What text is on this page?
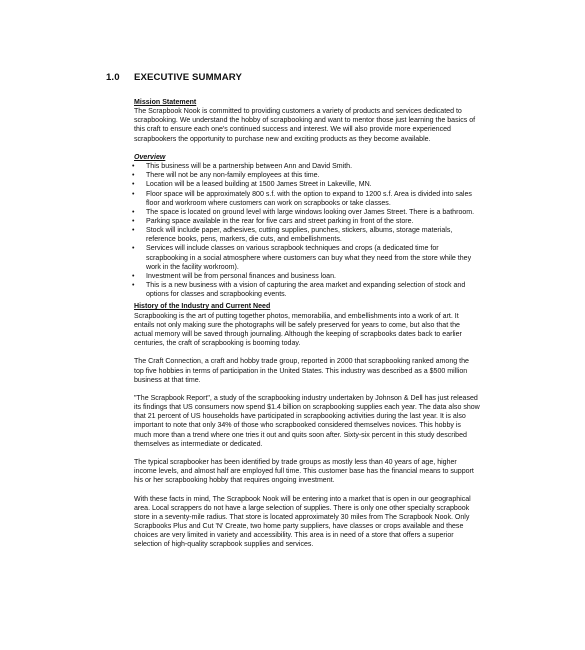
1.0 EXECUTIVE SUMMARY

Mission Statement

The Scrapbook Nook is committed to providing customers a variety of products and services dedicated to scrapbooking. We understand the hobby of scrapbooking and want to mentor those just learning the basics of this craft to ensure each one's continued success and interest. We will also provide more experienced scrapbookers the opportunity to purchase new and exciting products as they become available.

Overview

• This business will be a partnership between Ann and David Smith.
• There will not be any non-family employees at this time.
• Location will be a leased building at 1500 James Street in Lakeville, MN.
• Floor space will be approximately 800 s.f. with the option to expand to 1200 s.f. Area is divided into sales floor and workroom where customers can work on scrapbooks or take classes.
• The space is located on ground level with large windows looking over James Street. There is a bathroom.
• Parking space available in the rear for five cars and street parking in front of the store.
• Stock will include paper, adhesives, cutting supplies, punches, stickers, albums, storage materials, reference books, pens, markers, die cuts, and embellishments.
• Services will include classes on various scrapbook techniques and crops (a dedicated time for scrapbooking in a social atmosphere where customers can buy what they need from the store while they work in the facility workroom).
• Investment will be from personal finances and business loan.
• This is a new business with a vision of capturing the area market and expanding selection of stock and options for classes and scrapbooking events.

History of the Industry and Current Need

Scrapbooking is the art of putting together photos, memorabilia, and embellishments into a work of art. It entails not only making sure the photographs will be safely preserved for years to come, but also that the actual memory will be saved through journaling. Although the keeping of scrapbooks dates back to earlier centuries, the craft of scrapbooking is booming today.

The Craft Connection, a craft and hobby trade group, reported in 2000 that scrapbooking ranked among the top five hobbies in terms of participation in the United States. This industry was described as a $500 million business at that time.

"The Scrapbook Report", a study of the scrapbooking industry undertaken by Johnson & Dell has just released its findings that US consumers now spend $1.4 billion on scrapbooking supplies each year. The data also show that 21 percent of US households have participated in scrapbooking activities during the last year. It is also important to note that only 34% of those who scrapbooked considered themselves novices. This hobby is much more than a trend where one tries it out and quits soon after. Sixty-six percent in this study described themselves as intermediate or dedicated.

The typical scrapbooker has been identified by trade groups as mostly less than 40 years of age, higher income levels, and almost half are employed full time. This customer base has the financial means to support his or her scrapbooking hobby that requires ongoing investment.

With these facts in mind, The Scrapbook Nook will be entering into a market that is open in our geographical area. Local scrappers do not have a large selection of supplies. There is only one other specialty scrapbook store in a seventy-mile radius. That store is located approximately 30 miles from The Scrapbook Nook. Only Scrapbooks Plus and Cut 'N' Create, two home party suppliers, have classes or crops available and these choices are very limited in variety and accessibility. This area is in need of a store that offers a superior selection of high-quality scrapbook supplies and services.
